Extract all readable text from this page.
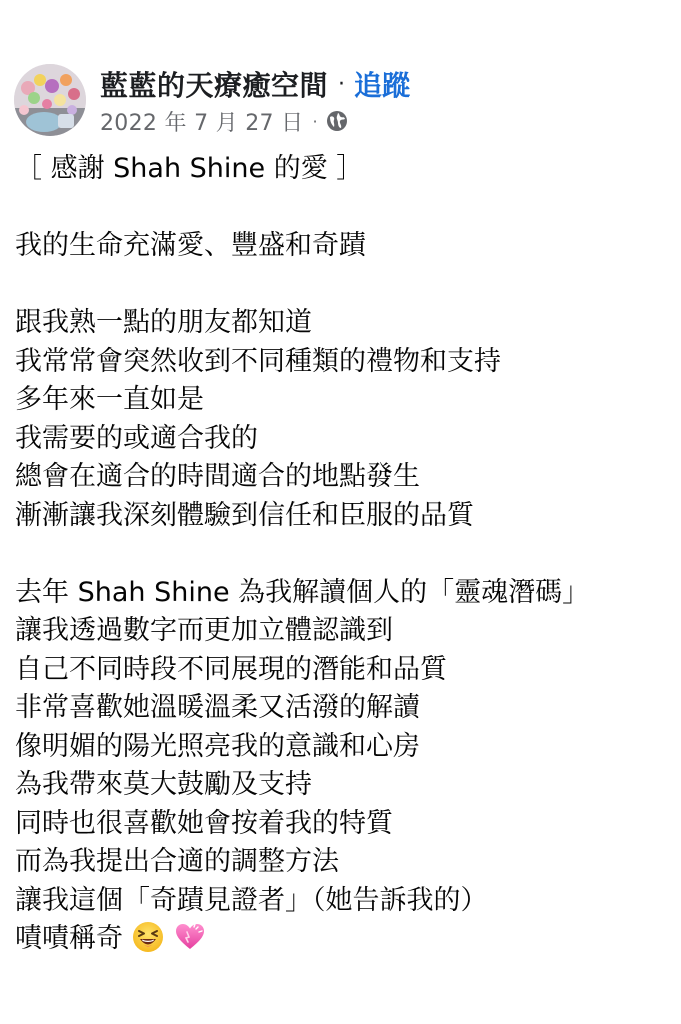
藍藍的天療癒空間 · 追蹤
2022 年 7 月 27 日 ·
［ 感謝 Shah Shine 的愛 ］
我的生命充滿愛、豐盛和奇蹟
跟我熟一點的朋友都知道
我常常會突然收到不同種類的禮物和支持
多年來一直如是
我需要的或適合我的
總會在適合的時間適合的地點發生
漸漸讓我深刻體驗到信任和臣服的品質
去年 Shah Shine 為我解讀個人的「靈魂潛碼」
讓我透過數字而更加立體認識到
自己不同時段不同展現的潛能和品質
非常喜歡她溫暖溫柔又活潑的解讀
像明媚的陽光照亮我的意識和心房
為我帶來莫大鼓勵及支持
同時也很喜歡她會按着我的特質
而為我提出合適的調整方法
讓我這個「奇蹟見證者」（她告訴我的）
嘖嘖稱奇
